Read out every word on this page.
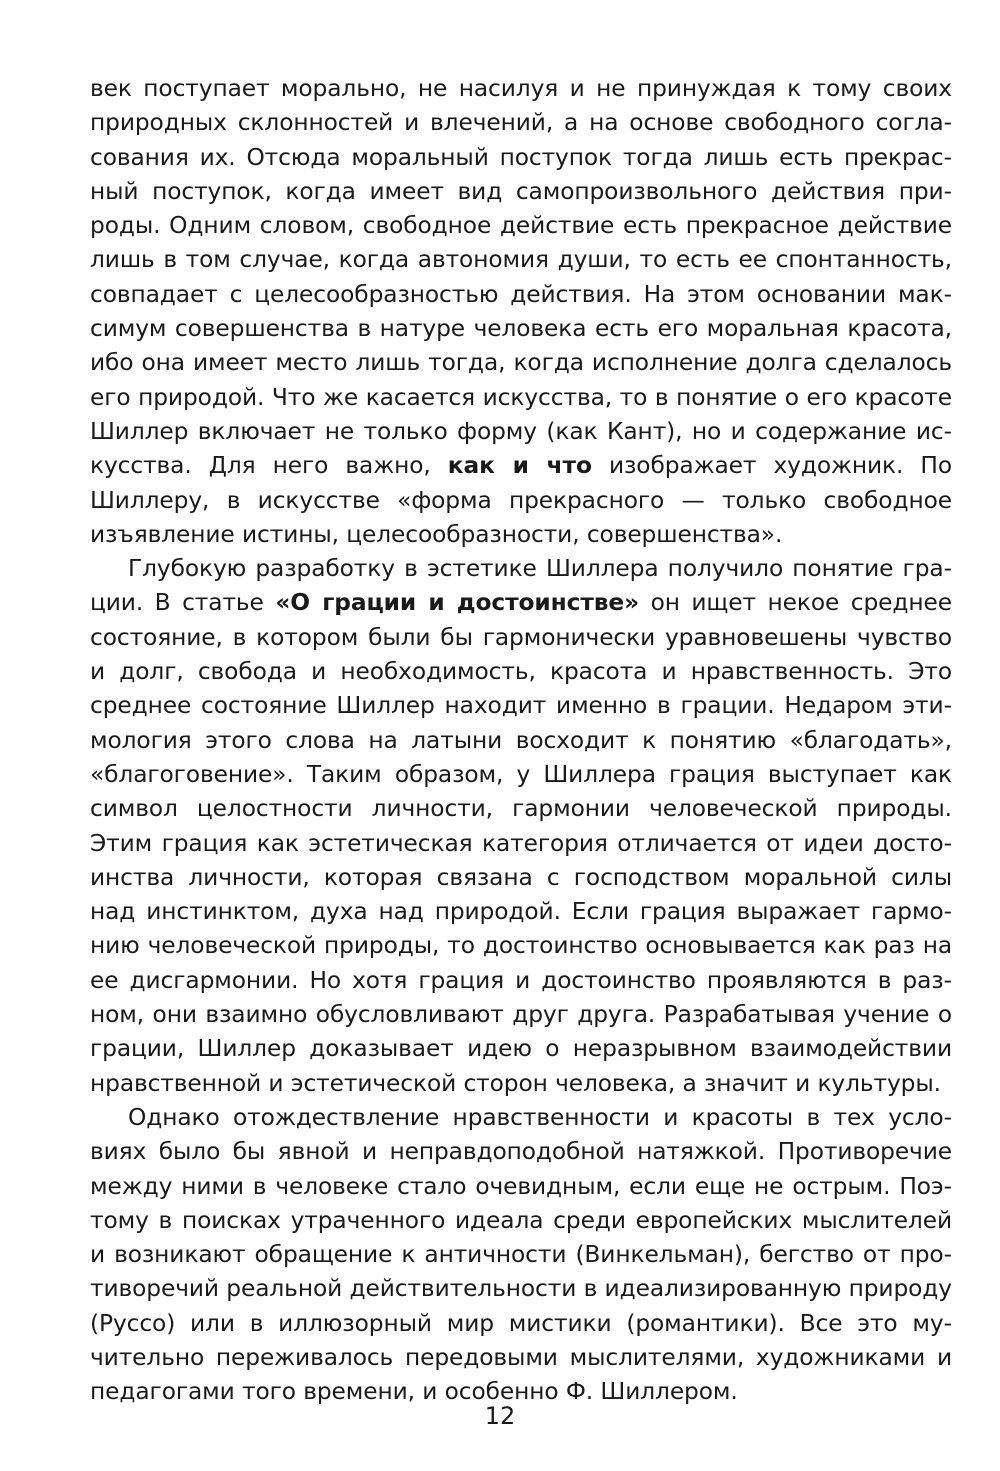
век поступает морально, не насилуя и не принуждая к тому своих природных склонностей и влечений, а на основе свободного согласования их. Отсюда моральный поступок тогда лишь есть прекрасный поступок, когда имеет вид самопроизвольного действия природы. Одним словом, свободное действие есть прекрасное действие лишь в том случае, когда автономия души, то есть ее спонтанность, совпадает с целесообразностью действия. На этом основании максимум совершенства в натуре человека есть его моральная красота, ибо она имеет место лишь тогда, когда исполнение долга сделалось его природой. Что же касается искусства, то в понятие о его красоте Шиллер включает не только форму (как Кант), но и содержание искусства. Для него важно, как и что изображает художник. По Шиллеру, в искусстве «форма прекрасного — только свободное изъявление истины, целесообразности, совершенства».

Глубокую разработку в эстетике Шиллера получило понятие грации. В статье «О грации и достоинстве» он ищет некое среднее состояние, в котором были бы гармонически уравновешены чувство и долг, свобода и необходимость, красота и нравственность. Это среднее состояние Шиллер находит именно в грации. Недаром этимология этого слова на латыни восходит к понятию «благодать», «благоговение». Таким образом, у Шиллера грация выступает как символ целостности личности, гармонии человеческой природы. Этим грация как эстетическая категория отличается от идеи достоинства личности, которая связана с господством моральной силы над инстинктом, духа над природой. Если грация выражает гармонию человеческой природы, то достоинство основывается как раз на ее дисгармонии. Но хотя грация и достоинство проявляются в разном, они взаимно обусловливают друг друга. Разрабатывая учение о грации, Шиллер доказывает идею о неразрывном взаимодействии нравственной и эстетической сторон человека, а значит и культуры.

Однако отождествление нравственности и красоты в тех условиях было бы явной и неправдоподобной натяжкой. Противоречие между ними в человеке стало очевидным, если еще не острым. Поэтому в поисках утраченного идеала среди европейских мыслителей и возникают обращение к античности (Винкельман), бегство от противоречий реальной действительности в идеализированную природу (Руссо) или в иллюзорный мир мистики (романтики). Все это мучительно переживалось передовыми мыслителями, художниками и педагогами того времени, и особенно Ф. Шиллером.

12
